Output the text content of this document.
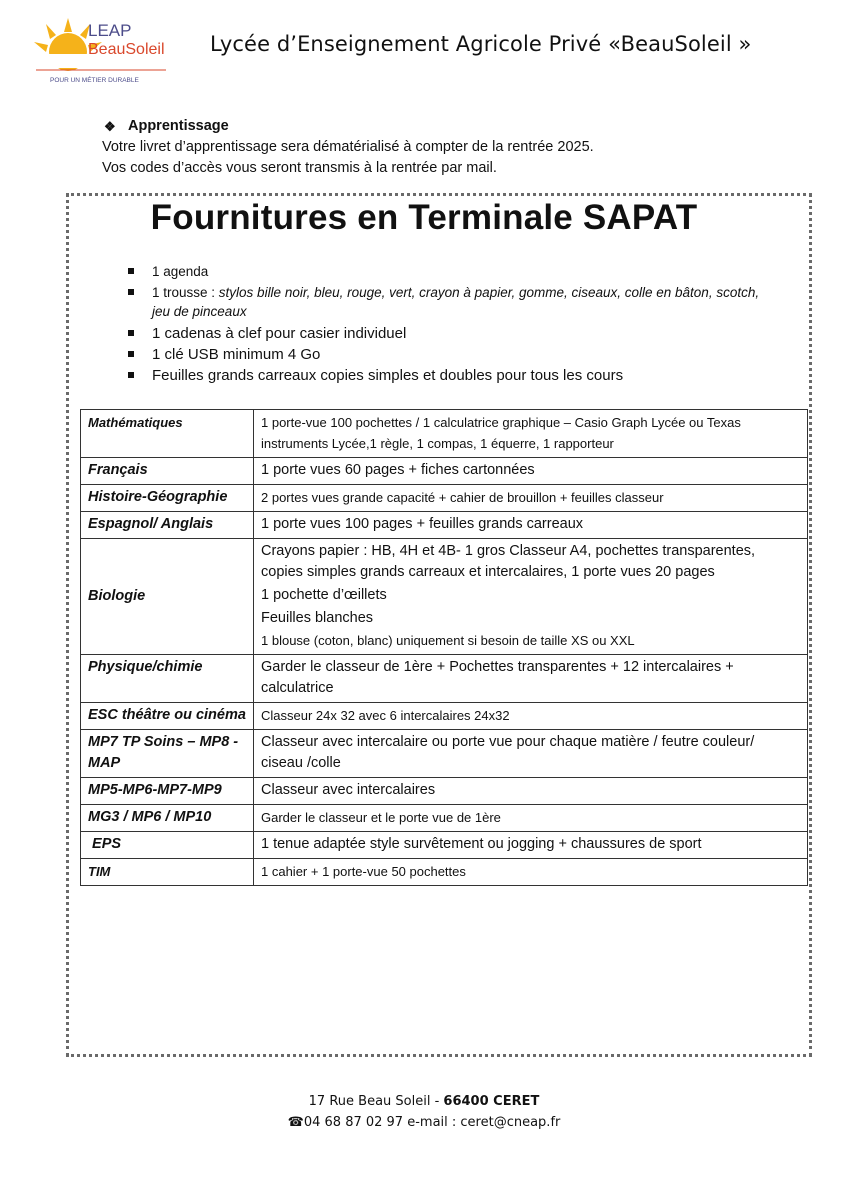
LEAP
BeauSoleil
POUR UN MÉTIER DURABLE
Lycée d’Enseignement Agricole Privé «BeauSoleil »
❖ Apprentissage
Votre livret d’apprentissage sera dématérialisé à compter de la rentrée 2025.
Vos codes d’accès vous seront transmis à la rentrée par mail.
Fournitures en Terminale SAPAT
1 agenda
1 trousse : stylos bille noir, bleu, rouge, vert, crayon à papier, gomme, ciseaux, colle en bâton, scotch, jeu de pinceaux
1 cadenas à clef pour casier individuel
1 clé USB minimum 4 Go
Feuilles grands carreaux copies simples et doubles pour tous les cours
Mathématiques	1 porte-vue 100 pochettes / 1 calculatrice graphique – Casio Graph Lycée ou Texas instruments Lycée,1 règle, 1 compas, 1 équerre, 1 rapporteur
Français	1 porte vues 60 pages + fiches cartonnées
Histoire-Géographie	2 portes vues grande capacité + cahier de brouillon + feuilles classeur
Espagnol/ Anglais	1 porte vues 100 pages + feuilles grands carreaux
Biologie	Crayons papier : HB, 4H et 4B- 1 gros Classeur A4, pochettes transparentes, copies simples grands carreaux et intercalaires, 1 porte vues 20 pages
1 pochette d’œillets
Feuilles blanches
1 blouse (coton, blanc) uniquement si besoin de taille XS ou XXL

Physique/chimie	Garder le classeur de 1ère + Pochettes transparentes + 12 intercalaires + calculatrice
ESC théâtre ou cinéma	Classeur 24x 32 avec 6 intercalaires 24x32
MP7 TP Soins – MP8 - MAP	Classeur avec intercalaire ou porte vue pour chaque matière / feutre couleur/ ciseau /colle
MP5-MP6-MP7-MP9	Classeur avec intercalaires
MG3 / MP6 / MP10	Garder le classeur et le porte vue de 1ère
EPS	1 tenue adaptée style survêtement ou jogging + chaussures de sport
TIM	1 cahier + 1 porte-vue 50 pochettes
17 Rue Beau Soleil - 66400 CERET
☎04 68 87 02 97 e-mail : ceret@cneap.fr
